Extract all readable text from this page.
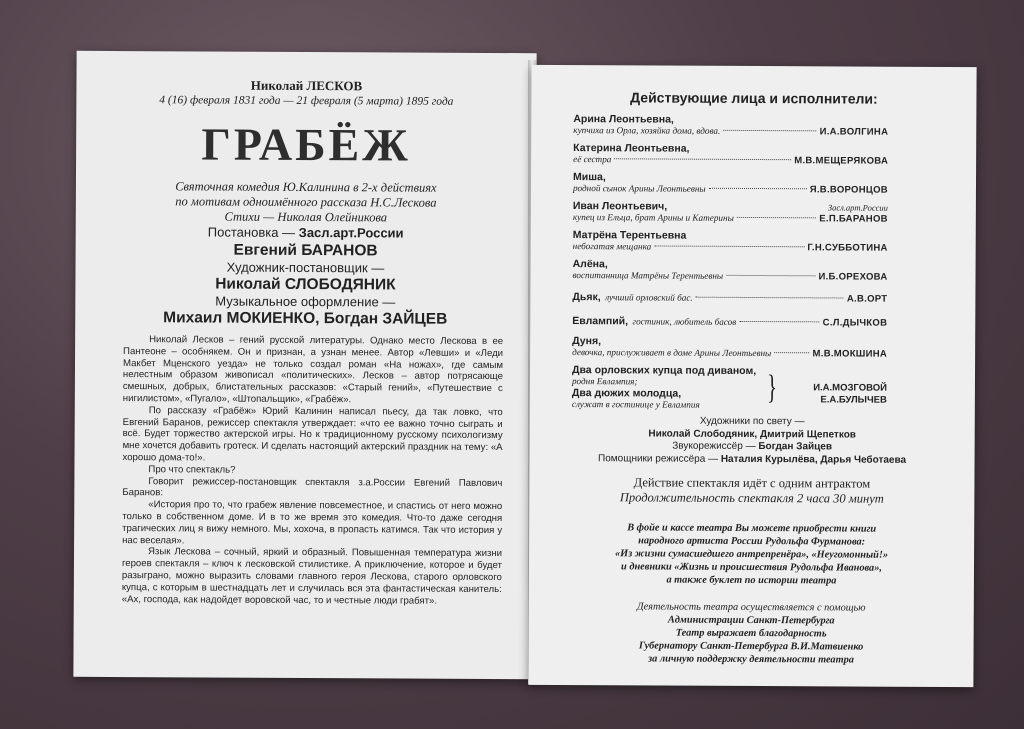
Николай ЛЕСКОВ
4 (16) февраля 1831 года — 21 февраля (5 марта) 1895 года
ГРАБЁЖ
Святочная комедия Ю.Калинина в 2-х действиях
по мотивам одноимённого рассказа Н.С.Лескова
Стихи — Николая Олейникова
Постановка — Засл.арт.России
Евгений БАРАНОВ
Художник-постановщик —
Николай СЛОБОДЯНИК
Музыкальное оформление —
Михаил МОКИЕНКО, Богдан ЗАЙЦЕВ

Николай Лесков – гений русской литературы. Однако место Лескова в ее Пантеоне – особнякем. Он и признан, а узнан менее. Автор «Левши» и «Леди Макбет Мценского уезда» не только создал роман «На ножах», где самым нелестным образом живописал «политических». Лесков – автор потрясающе смешных, добрых, блистательных рассказов: «Старый гений», «Путешествие с нигилистом», «Пугало», «Штопальщик», «Грабёж».

По рассказу «Грабёж» Юрий Калинин написал пьесу, да так ловко, что Евгений Баранов, режиссер спектакля утверждает: «что ее важно точно сыграть и всё. Будет торжество актерской игры. Но к традиционному русскому психологизму мне хочется добавить гротеск. И сделать настоящий актерский праздник на тему: «А хорошо дома-то!».

Про что спектакль?

Говорит режиссер-постановщик спектакля з.а.России Евгений Павлович Баранов:

«История про то, что грабеж явление повсеместное, и спастись от него можно только в собственном доме. И в то же время это комедия. Что-то даже сегодня трагических лиц я вижу немного. Мы, хохоча, в пропасть катимся. Так что история у нас веселая».

Язык Лескова – сочный, яркий и образный. Повышенная температура жизни героев спектакля – ключ к лесковской стилистике. А приключение, которое и будет разыграно, можно выразить словами главного героя Лескова, старого орловского купца, с которым в шестнадцать лет и случилась вся эта фантастическая канитель: «Ах, господа, как надойдет воровской час, то и честные люди грабят».

Действующие лица и исполнители:
Арина Леонтьевна,
купчиха из Орла, хозяйка дома, вдова.	И.А.ВОЛГИНА
Катерина Леонтьевна,
её сестра	М.В.МЕЩЕРЯКОВА
Миша,
родной сынок Арины Леонтьевны	Я.В.ВОРОНЦОВ
Иван Леонтьевич,	Засл.арт.России
купец из Ельца, брат Арины и Катерины	Е.П.БАРАНОВ
Матрёна Терентьевна
небогатая мещанка	Г.Н.СУББОТИНА
Алёна,
воспитанница Матрёны Терентьевны	И.Б.ОРЕХОВА
Дьяк,
лучший орловский бас.	А.В.ОРТ
Евлампий,
гостиник, любитель басов	С.Л.ДЫЧКОВ
Дуня,
девочка, прислуживает в доме Арины Леонтьевны	М.В.МОКШИНА
Два орловских купца под диваном,
родня Евлампия;
Два дюжих молодца,
служат в гостинице у Евлампия	}	И.А.МОЗГОВОЙ
Е.А.БУЛЫЧЕВ
Художники по свету —
Николай Слободяник, Дмитрий Щепетков
Звукорежиссёр — Богдан Зайцев
Помощники режиссёра — Наталия Курылёва, Дарья Чеботаева
Действие спектакля идёт с одним антрактом
Продолжительность спектакля 2 часа 30 минут
В фойе и кассе театра Вы можете приобрести книги
народного артиста России Рудольфа Фурманова:
«Из жизни сумасшедшего антрепренёра», «Неугомонный!»
и дневники «Жизнь и происшествия Рудольфа Иванова»,
а также буклет по истории театра
Деятельность театра осуществляется с помощью
Администрации Санкт-Петербурга
Театр выражает благодарность
Губернатору Санкт-Петербурга В.И.Матвиенко
за личную поддержку деятельности театра
